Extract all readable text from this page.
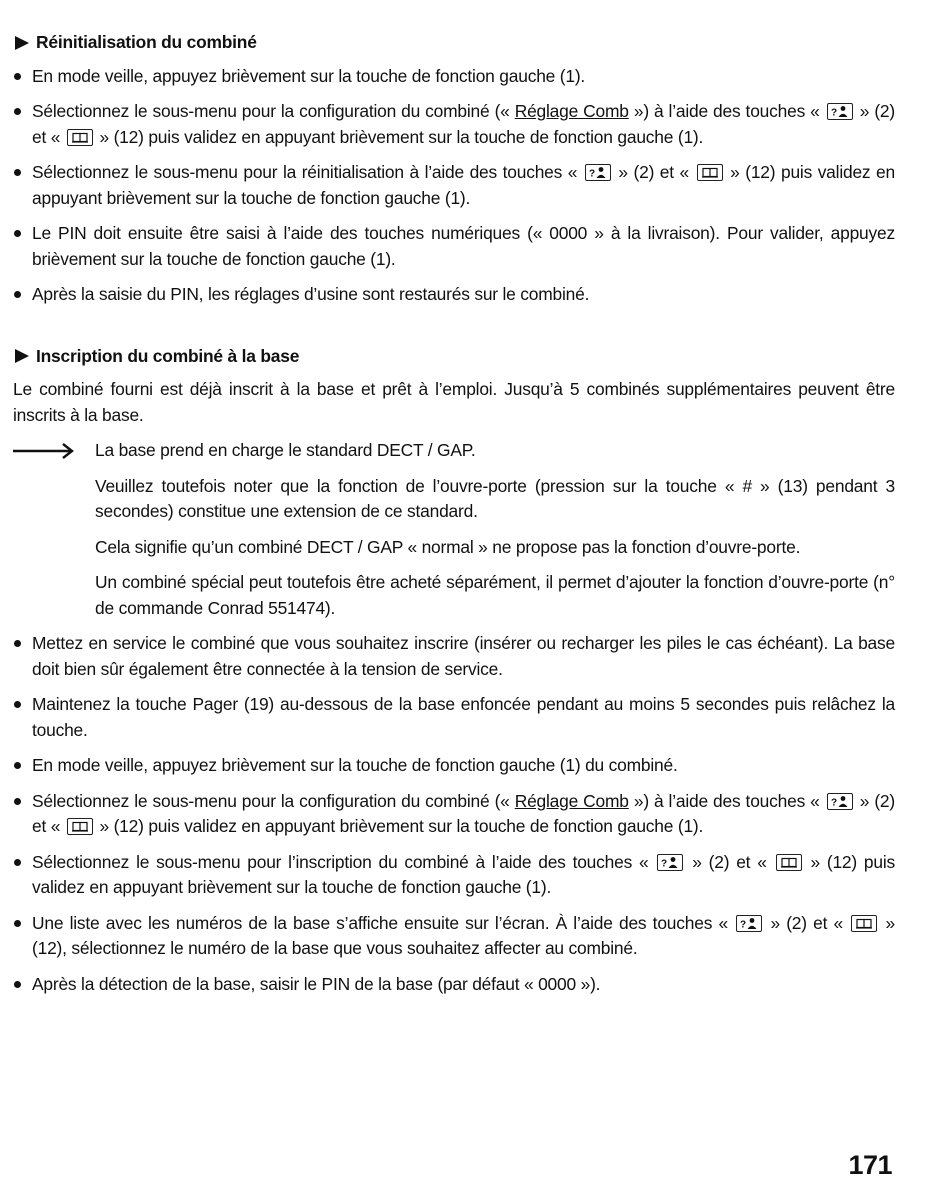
Réinitialisation du combiné
En mode veille, appuyez brièvement sur la touche de fonction gauche (1).
Sélectionnez le sous-menu pour la configuration du combiné (« Réglage Comb ») à l’aide des touches « ? » (2) et «
» (12) puis validez en appuyant brièvement sur la touche de fonction gauche (1).
Sélectionnez le sous-menu pour la réinitialisation à l’aide des touches « ? » (2) et «
» (12) puis validez en appuyant brièvement sur la touche de fonction gauche (1).
Le PIN doit ensuite être saisi à l’aide des touches numériques (« 0000 » à la livraison). Pour valider, appuyez brièvement sur la touche de fonction gauche (1).
Après la saisie du PIN, les réglages d’usine sont restaurés sur le combiné.
Inscription du combiné à la base

Le combiné fourni est déjà inscrit à la base et prêt à l’emploi. Jusqu’à 5 combinés supplémentaires peuvent être inscrits à la base.

La base prend en charge le standard DECT / GAP.

Veuillez toutefois noter que la fonction de l’ouvre-porte (pression sur la touche « # » (13) pendant 3 secondes) constitue une extension de ce standard.

Cela signifie qu’un combiné DECT / GAP « normal » ne propose pas la fonction d’ouvre-porte.

Un combiné spécial peut toutefois être acheté séparément, il permet d’ajouter la fonction d’ouvre-porte (n° de commande Conrad 551474).

Mettez en service le combiné que vous souhaitez inscrire (insérer ou recharger les piles le cas échéant). La base doit bien sûr également être connectée à la tension de service.
Maintenez la touche Pager (19) au-dessous de la base enfoncée pendant au moins 5 secondes puis relâchez la touche.
En mode veille, appuyez brièvement sur la touche de fonction gauche (1) du combiné.
Sélectionnez le sous-menu pour la configuration du combiné (« Réglage Comb ») à l’aide des touches « ? » (2) et «
» (12) puis validez en appuyant brièvement sur la touche de fonction gauche (1).
Sélectionnez le sous-menu pour l’inscription du combiné à l’aide des touches « ? » (2) et «
» (12) puis validez en appuyant brièvement sur la touche de fonction gauche (1).
Une liste avec les numéros de la base s’affiche ensuite sur l’écran. À l’aide des touches « ? » (2) et «
» (12), sélectionnez le numéro de la base que vous souhaitez affecter au combiné.
Après la détection de la base, saisir le PIN de la base (par défaut « 0000 »).
171
